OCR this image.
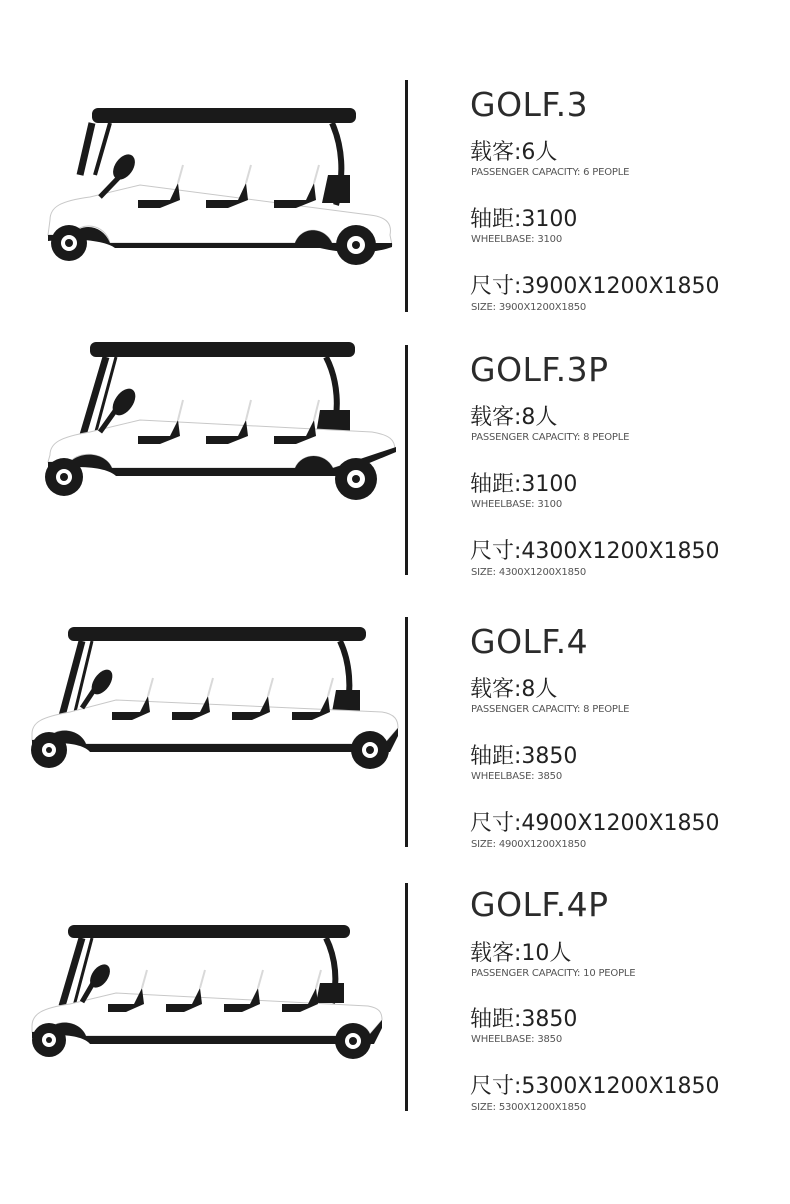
GOLF.3
载客:6人
PASSENGER CAPACITY: 6 PEOPLE
轴距:3100
WHEELBASE: 3100
尺寸:3900X1200X1850
SIZE: 3900X1200X1850
GOLF.3P
载客:8人
PASSENGER CAPACITY: 8 PEOPLE
轴距:3100
WHEELBASE: 3100
尺寸:4300X1200X1850
SIZE: 4300X1200X1850
GOLF.4
载客:8人
PASSENGER CAPACITY: 8 PEOPLE
轴距:3850
WHEELBASE: 3850
尺寸:4900X1200X1850
SIZE: 4900X1200X1850
GOLF.4P
载客:10人
PASSENGER CAPACITY: 10 PEOPLE
轴距:3850
WHEELBASE: 3850
尺寸:5300X1200X1850
SIZE: 5300X1200X1850
